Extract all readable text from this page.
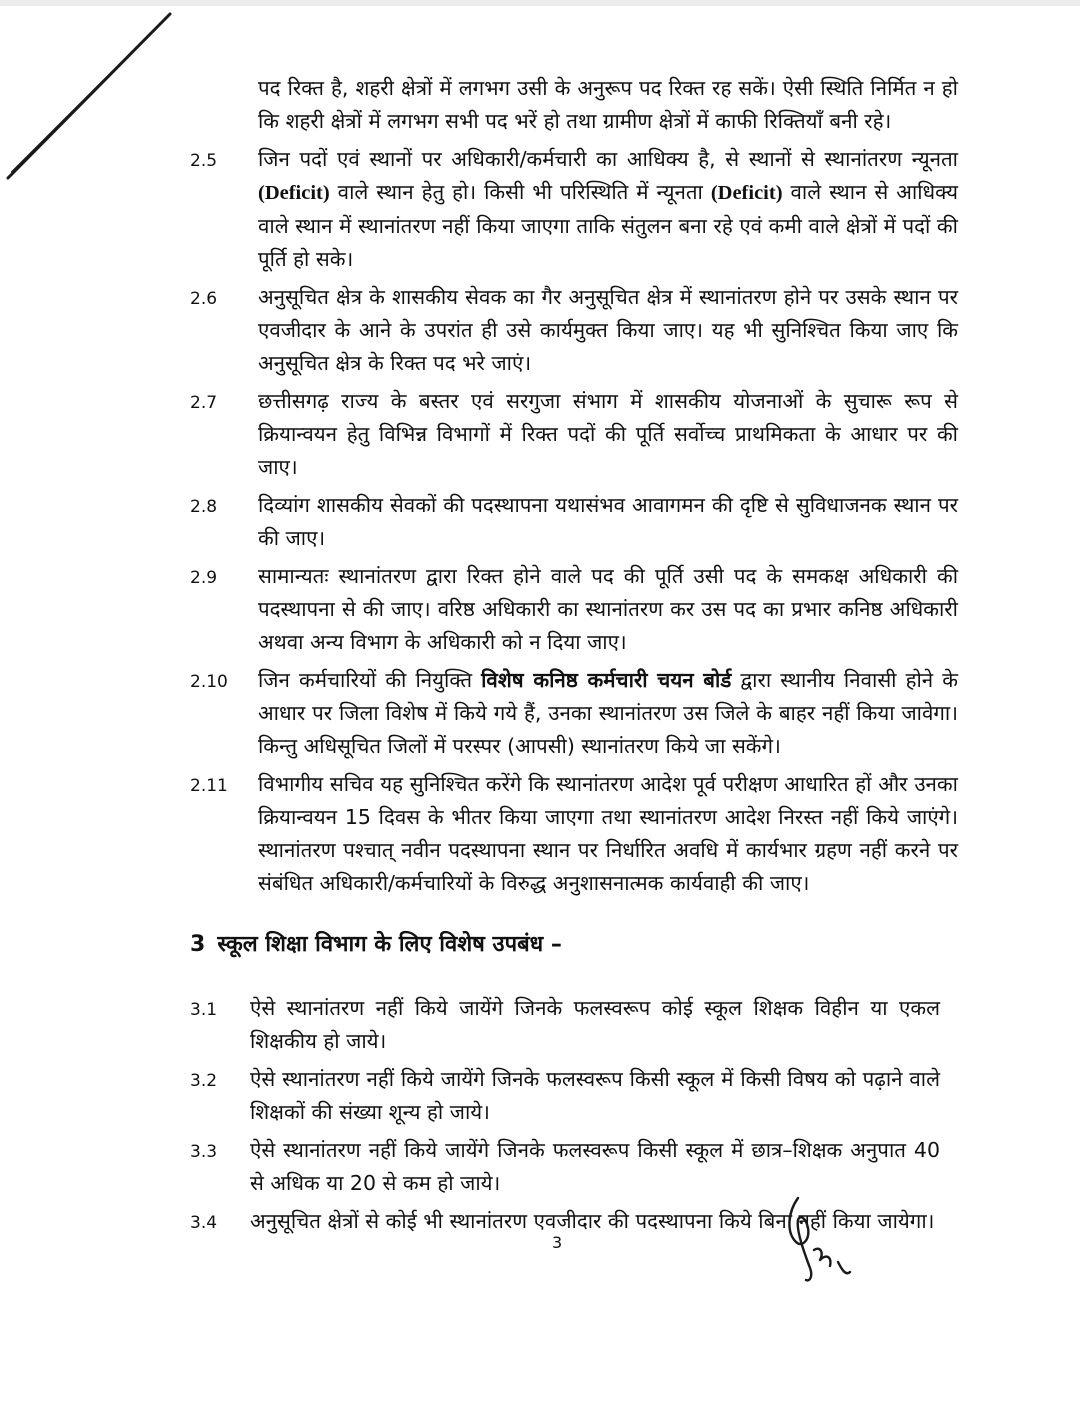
पद रिक्त है, शहरी क्षेत्रों में लगभग उसी के अनुरूप पद रिक्त रह सकें। ऐसी स्थिति निर्मित न हो कि शहरी क्षेत्रों में लगभग सभी पद भरें हो तथा ग्रामीण क्षेत्रों में काफी रिक्तियाँ बनी रहे।
2.5	जिन पदों एवं स्थानों पर अधिकारी/कर्मचारी का आधिक्य है, से स्थानों से स्थानांतरण न्यूनता (Deficit) वाले स्थान हेतु हो। किसी भी परिस्थिति में न्यूनता (Deficit) वाले स्थान से आधिक्य वाले स्थान में स्थानांतरण नहीं किया जाएगा ताकि संतुलन बना रहे एवं कमी वाले क्षेत्रों में पदों की पूर्ति हो सके।
2.6	अनुसूचित क्षेत्र के शासकीय सेवक का गैर अनुसूचित क्षेत्र में स्थानांतरण होने पर उसके स्थान पर एवजीदार के आने के उपरांत ही उसे कार्यमुक्त किया जाए। यह भी सुनिश्चित किया जाए कि अनुसूचित क्षेत्र के रिक्त पद भरे जाएं।
2.7	छत्तीसगढ़ राज्य के बस्तर एवं सरगुजा संभाग में शासकीय योजनाओं के सुचारू रूप से क्रियान्वयन हेतु विभिन्न विभागों में रिक्त पदों की पूर्ति सर्वोच्च प्राथमिकता के आधार पर की जाए।
2.8	दिव्यांग शासकीय सेवकों की पदस्थापना यथासंभव आवागमन की दृष्टि से सुविधाजनक स्थान पर की जाए।
2.9	सामान्यतः स्थानांतरण द्वारा रिक्त होने वाले पद की पूर्ति उसी पद के समकक्ष अधिकारी की पदस्थापना से की जाए। वरिष्ठ अधिकारी का स्थानांतरण कर उस पद का प्रभार कनिष्ठ अधिकारी अथवा अन्य विभाग के अधिकारी को न दिया जाए।
2.10	जिन कर्मचारियों की नियुक्ति विशेष कनिष्ठ कर्मचारी चयन बोर्ड द्वारा स्थानीय निवासी होने के आधार पर जिला विशेष में किये गये हैं, उनका स्थानांतरण उस जिले के बाहर नहीं किया जावेगा। किन्तु अधिसूचित जिलों में परस्पर (आपसी) स्थानांतरण किये जा सकेंगे।
2.11	विभागीय सचिव यह सुनिश्चित करेंगे कि स्थानांतरण आदेश पूर्व परीक्षण आधारित हों और उनका क्रियान्वयन 15 दिवस के भीतर किया जाएगा तथा स्थानांतरण आदेश निरस्त नहीं किये जाएंगे। स्थानांतरण पश्चात् नवीन पदस्थापना स्थान पर निर्धारित अवधि में कार्यभार ग्रहण नहीं करने पर संबंधित अधिकारी/कर्मचारियों के विरुद्ध अनुशासनात्मक कार्यवाही की जाए।
3 स्कूल शिक्षा विभाग के लिए विशेष उपबंध –
3.1	ऐसे स्थानांतरण नहीं किये जायेंगे जिनके फलस्वरूप कोई स्कूल शिक्षक विहीन या एकल शिक्षकीय हो जाये।
3.2	ऐसे स्थानांतरण नहीं किये जायेंगे जिनके फलस्वरूप किसी स्कूल में किसी विषय को पढ़ाने वाले शिक्षकों की संख्या शून्य हो जाये।
3.3	ऐसे स्थानांतरण नहीं किये जायेंगे जिनके फलस्वरूप किसी स्कूल में छात्र–शिक्षक अनुपात 40 से अधिक या 20 से कम हो जाये।
3.4	अनुसूचित क्षेत्रों से कोई भी स्थानांतरण एवजीदार की पदस्थापना किये बिना नहीं किया जायेगा।
3
